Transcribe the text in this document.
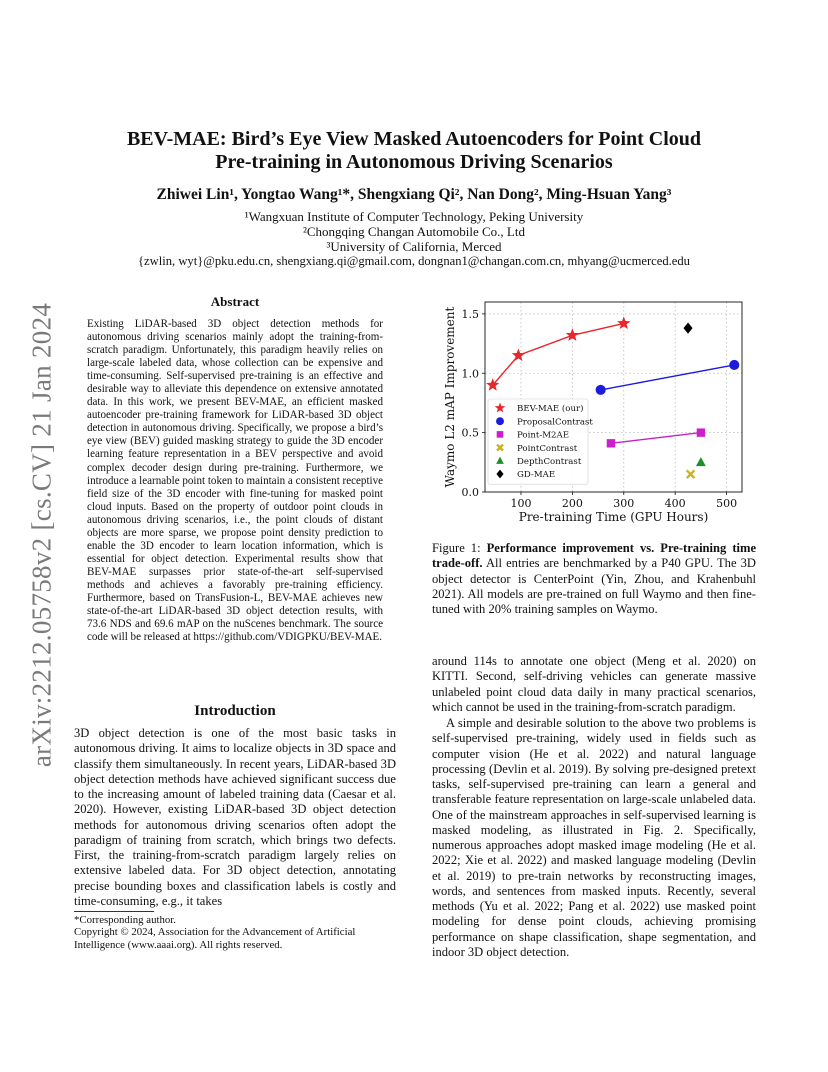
arXiv:2212.05758v2 [cs.CV] 21 Jan 2024
BEV-MAE: Bird’s Eye View Masked Autoencoders for Point Cloud
Pre-training in Autonomous Driving Scenarios
Zhiwei Lin¹, Yongtao Wang¹*, Shengxiang Qi², Nan Dong², Ming-Hsuan Yang³
¹Wangxuan Institute of Computer Technology, Peking University
²Chongqing Changan Automobile Co., Ltd
³University of California, Merced
{zwlin, wyt}@pku.edu.cn, shengxiang.qi@gmail.com, dongnan1@changan.com.cn, mhyang@ucmerced.edu
Abstract
Existing LiDAR-based 3D object detection methods for autonomous driving scenarios mainly adopt the training-from-scratch paradigm. Unfortunately, this paradigm heavily relies on large-scale labeled data, whose collection can be expensive and time-consuming. Self-supervised pre-training is an effective and desirable way to alleviate this dependence on extensive annotated data. In this work, we present BEV-MAE, an efficient masked autoencoder pre-training framework for LiDAR-based 3D object detection in autonomous driving. Specifically, we propose a bird’s eye view (BEV) guided masking strategy to guide the 3D encoder learning feature representation in a BEV perspective and avoid complex decoder design during pre-training. Furthermore, we introduce a learnable point token to maintain a consistent receptive field size of the 3D encoder with fine-tuning for masked point cloud inputs. Based on the property of outdoor point clouds in autonomous driving scenarios, i.e., the point clouds of distant objects are more sparse, we propose point density prediction to enable the 3D encoder to learn location information, which is essential for object detection. Experimental results show that BEV-MAE surpasses prior state-of-the-art self-supervised methods and achieves a favorably pre-training efficiency. Furthermore, based on TransFusion-L, BEV-MAE achieves new state-of-the-art LiDAR-based 3D object detection results, with 73.6 NDS and 69.6 mAP on the nuScenes benchmark. The source code will be released at https://github.com/VDIGPKU/BEV-MAE.
Introduction
3D object detection is one of the most basic tasks in autonomous driving. It aims to localize objects in 3D space and classify them simultaneously. In recent years, LiDAR-based 3D object detection methods have achieved significant success due to the increasing amount of labeled training data (Caesar et al. 2020). However, existing LiDAR-based 3D object detection methods for autonomous driving scenarios often adopt the paradigm of training from scratch, which brings two defects. First, the training-from-scratch paradigm largely relies on extensive labeled data. For 3D object detection, annotating precise bounding boxes and classification labels is costly and time-consuming, e.g., it takes
*Corresponding author.
Copyright © 2024, Association for the Advancement of Artificial Intelligence (www.aaai.org). All rights reserved.
100	200	300	400	500
0.0
0.5
1.0
1.5
Pre-training Time (GPU Hours)
Waymo L2 mAP Improvement	BEV-MAE (our)
ProposalContrast
Point-M2AE
PointContrast
DepthContrast
GD-MAE
Figure 1: Performance improvement vs. Pre-training time trade-off. All entries are benchmarked by a P40 GPU. The 3D object detector is CenterPoint (Yin, Zhou, and Krahenbuhl 2021). All models are pre-trained on full Waymo and then fine-tuned with 20% training samples on Waymo.
around 114s to annotate one object (Meng et al. 2020) on KITTI. Second, self-driving vehicles can generate massive unlabeled point cloud data daily in many practical scenarios, which cannot be used in the training-from-scratch paradigm.
A simple and desirable solution to the above two problems is self-supervised pre-training, widely used in fields such as computer vision (He et al. 2022) and natural language processing (Devlin et al. 2019). By solving pre-designed pretext tasks, self-supervised pre-training can learn a general and transferable feature representation on large-scale unlabeled data. One of the mainstream approaches in self-supervised learning is masked modeling, as illustrated in Fig. 2. Specifically, numerous approaches adopt masked image modeling (He et al. 2022; Xie et al. 2022) and masked language modeling (Devlin et al. 2019) to pre-train networks by reconstructing images, words, and sentences from masked inputs. Recently, several methods (Yu et al. 2022; Pang et al. 2022) use masked point modeling for dense point clouds, achieving promising performance on shape classification, shape segmentation, and indoor 3D object detection.
